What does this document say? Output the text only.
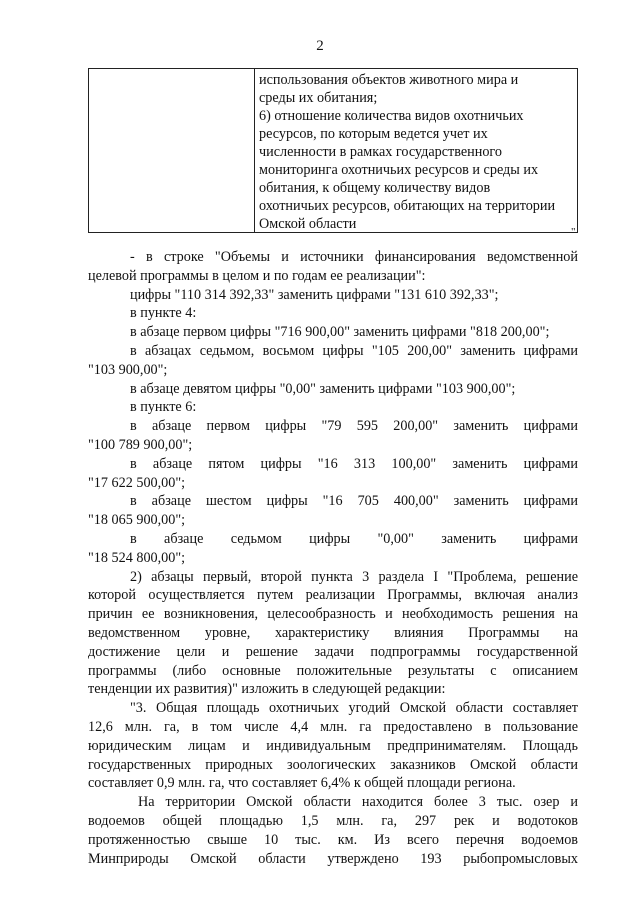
2

использования объектов животного мира и

среды их обитания;

6) отношение количества видов охотничьих

ресурсов, по которым ведется учет их

численности в рамках государственного

мониторинга охотничьих ресурсов и среды их

обитания, к общему количеству видов

охотничьих ресурсов, обитающих на территории

Омской области	"

- в строке "Объемы и источники финансирования ведомственной

целевой программы в целом и по годам ее реализации":

цифры "110 314 392,33" заменить цифрами "131 610 392,33";

в пункте 4:

в абзаце первом цифры "716 900,00" заменить цифрами "818 200,00";

в абзацах седьмом, восьмом цифры "105 200,00" заменить цифрами

"103 900,00";

в абзаце девятом цифры "0,00" заменить цифрами "103 900,00";

в пункте 6:

в абзаце первом цифры "79 595 200,00" заменить цифрами

"100 789 900,00";

в абзаце пятом цифры "16 313 100,00" заменить цифрами

"17 622 500,00";

в абзаце шестом цифры "16 705 400,00" заменить цифрами

"18 065 900,00";

в абзаце седьмом цифры "0,00" заменить цифрами

"18 524 800,00";

2) абзацы первый, второй пункта 3 раздела I "Проблема, решение

которой осуществляется путем реализации Программы, включая анализ

причин ее возникновения, целесообразность и необходимость решения на

ведомственном уровне, характеристику влияния Программы на

достижение цели и решение задачи подпрограммы государственной

программы (либо основные положительные результаты с описанием

тенденции их развития)" изложить в следующей редакции:

"3. Общая площадь охотничьих угодий Омской области составляет

12,6 млн. га, в том числе 4,4 млн. га предоставлено в пользование

юридическим лицам и индивидуальным предпринимателям. Площадь

государственных природных зоологических заказников Омской области

составляет 0,9 млн. га, что составляет 6,4% к общей площади региона.

На территории Омской области находится более 3 тыс. озер и

водоемов общей площадью 1,5 млн. га, 297 рек и водотоков

протяженностью свыше 10 тыс. км. Из всего перечня водоемов

Минприроды Омской области утверждено 193 рыбопромысловых
